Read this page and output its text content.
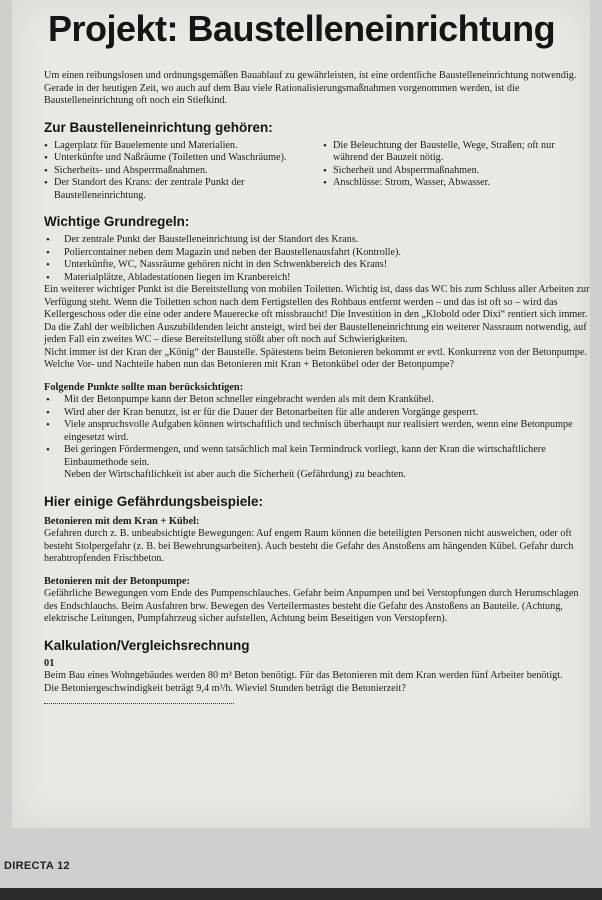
Projekt: Baustelleneinrichtung

Um einen reibungslosen und ordnungsgemäßen Bauablauf zu gewährleisten, ist eine ordentliche Baustelleneinrichtung notwendig.

Gerade in der heutigen Zeit, wo auch auf dem Bau viele Rationalisierungsmaßnahmen vorgenommen werden, ist die Baustelleneinrichtung oft noch ein Stiefkind.

Zur Baustelleneinrichtung gehören:
• Lagerplatz für Bauelemente und Materialien.
• Unterkünfte und Naßräume (Toiletten und Waschräume).
• Sicherheits- und Absperrmaßnahmen.
• Der Standort des Krans: der zentrale Punkt der Baustelleneinrichtung.
• Die Beleuchtung der Baustelle, Wege, Straßen; oft nur während der Bauzeit nötig.
• Sicherheit und Absperrmaßnahmen.
• Anschlüsse: Strom, Wasser, Abwasser.
Wichtige Grundregeln:
• Der zentrale Punkt der Baustelleneinrichtung ist der Standort des Krans.
• Poliercontainer neben dem Magazin und neben der Baustellenausfahrt (Kontrolle).
• Unterkünfte, WC, Nassräume gehören nicht in den Schwenkbereich des Krans!
• Materialplätze, Abladestationen liegen im Kranbereich!

Ein weiterer wichtiger Punkt ist die Bereitstellung von mobilen Toiletten. Wichtig ist, dass das WC bis zum Schluss aller Arbeiten zur Verfügung steht. Wenn die Toiletten schon nach dem Fertigstellen des Rohbaus entfernt werden – und das ist oft so – wird das Kellergeschoss oder die eine oder andere Mauerecke oft missbraucht! Die Investition in den „Klobold oder Dixi“ rentiert sich immer.

Da die Zahl der weiblichen Auszubildenden leicht ansteigt, wird bei der Baustelleneinrichtung ein weiterer Nassraum notwendig, auf jeden Fall ein zweites WC – diese Bereitstellung stößt aber oft noch auf Schwierigkeiten.

Nicht immer ist der Kran der „König“ der Baustelle. Spätestens beim Betonieren bekommt er evtl. Konkurrenz von der Betonpumpe.

Welche Vor- und Nachteile haben nun das Betonieren mit Kran + Betonkübel oder der Betonpumpe?

Folgende Punkte sollte man berücksichtigen:
• Mit der Betonpumpe kann der Beton schneller eingebracht werden als mit dem Krankübel.
• Wird aber der Kran benutzt, ist er für die Dauer der Betonarbeiten für alle anderen Vorgänge gesperrt.
• Viele anspruchsvolle Aufgaben können wirtschaftlich und technisch überhaupt nur realisiert werden, wenn eine Betonpumpe eingesetzt wird.
• Bei geringen Fördermengen, und wenn tatsächlich mal kein Termindruck vorliegt, kann der Kran die wirtschaftlichere Einbaumethode sein.

Neben der Wirtschaftlichkeit ist aber auch die Sicherheit (Gefährdung) zu beachten.

Hier einige Gefährdungsbeispiele:
Betonieren mit dem Kran + Kübel:

Gefahren durch z. B. unbeabsichtigte Bewegungen: Auf engem Raum können die beteiligten Personen nicht ausweichen, oder oft besteht Stolpergefahr (z. B. bei Bewehrungsarbeiten). Auch besteht die Gefahr des Anstoßens am hängenden Kübel. Gefahr durch herabtropfenden Frischbeton.

Betonieren mit der Betonpumpe:

Gefährliche Bewegungen vom Ende des Pumpenschlauches. Gefahr beim Anpumpen und bei Verstopfungen durch Herumschlagen des Endschlauchs. Beim Ausfahren brw. Bewegen des Verteilermastes besteht die Gefahr des Anstoßens an Bauteile. (Achtung, elektrische Leitungen, Pumpfahrzeug sicher aufstellen, Achtung beim Beseitigen von Verstopfern).

Kalkulation/Vergleichsrechnung
01

Beim Bau eines Wohngebäudes werden 80 m³ Beton benötigt. Für das Betonieren mit dem Kran werden fünf Arbeiter benötigt.

Die Betoniergeschwindigkeit beträgt 9,4 m³/h. Wieviel Stunden beträgt die Betonierzeit?

DIRECTA 12
